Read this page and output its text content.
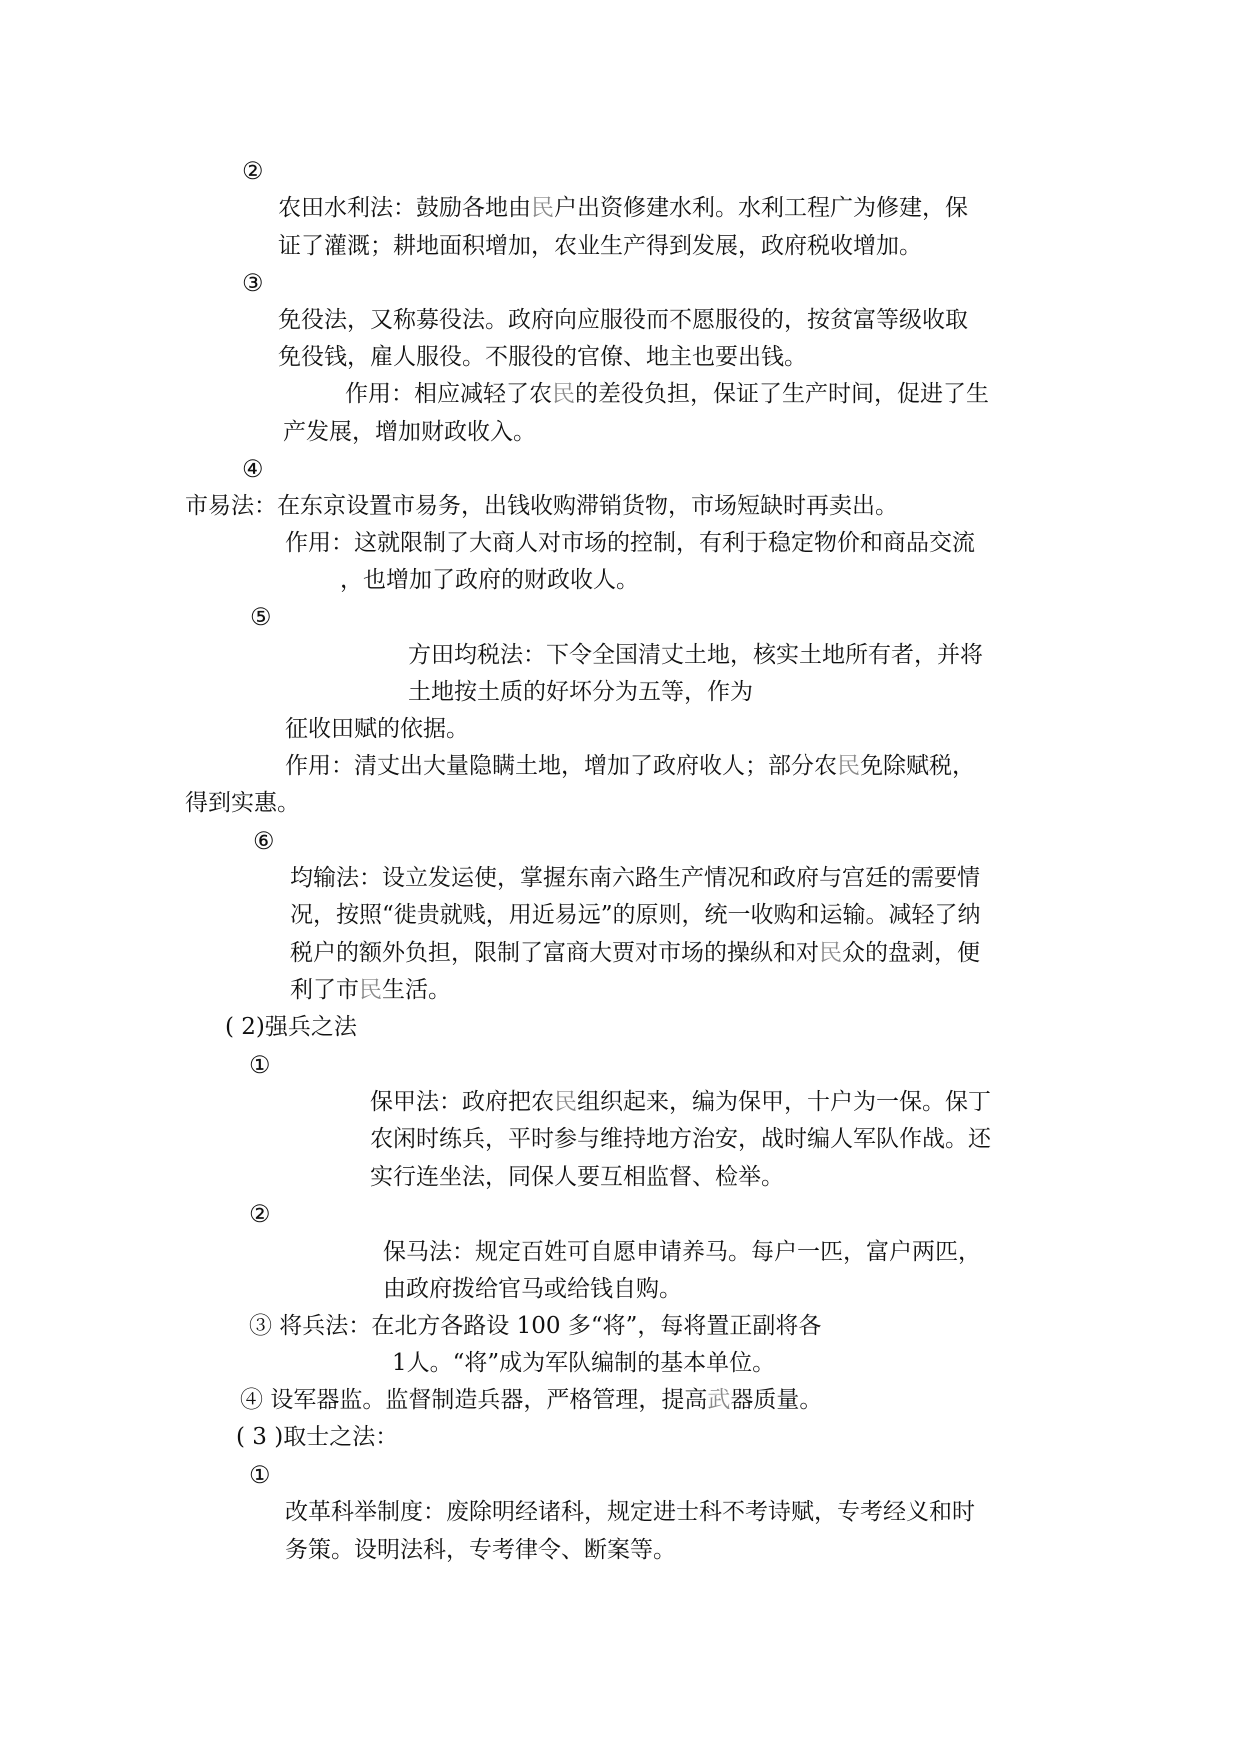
②
农田水利法：鼓励各地由民户出资修建水利。水利工程广为修建，保
证了灌溉；耕地面积增加，农业生产得到发展，政府税收增加。
③
免役法，又称募役法。政府向应服役而不愿服役的，按贫富等级收取
免役钱，雇人服役。不服役的官僚、地主也要出钱。
作用：相应减轻了农民的差役负担，保证了生产时间，促进了生
产发展，增加财政收入。
④
市易法：在东京设置市易务，出钱收购滞销货物，市场短缺时再卖出。
作用：这就限制了大商人对市场的控制，有利于稳定物价和商品交流
，也增加了政府的财政收人。
⑤
方田均税法：下令全国清丈土地，核实土地所有者，并将
土地按土质的好坏分为五等，作为
征收田赋的依据。
作用：清丈出大量隐瞒土地，增加了政府收人；部分农民免除赋税，
得到实惠。
⑥
均输法：设立发运使，掌握东南六路生产情况和政府与宫廷的需要情
况，按照“徙贵就贱，用近易远”的原则，统一收购和运输。减轻了纳
税户的额外负担，限制了富商大贾对市场的操纵和对民众的盘剥，便
利了市民生活。
( 2)强兵之法
①
保甲法：政府把农民组织起来，编为保甲，十户为一保。保丁
农闲时练兵，平时参与维持地方治安，战时编人军队作战。还
实行连坐法，同保人要互相监督、检举。
②
保马法：规定百姓可自愿申请养马。每户一匹，富户两匹，
由政府拨给官马或给钱自购。
③ 将兵法：在北方各路设 100 多“将”，每将置正副将各
1人。“将”成为军队编制的基本单位。
④ 设军器监。监督制造兵器，严格管理，提高武器质量。
( 3 )取士之法：
①
改革科举制度：废除明经诸科，规定进士科不考诗赋，专考经义和时
务策。设明法科，专考律令、断案等。
